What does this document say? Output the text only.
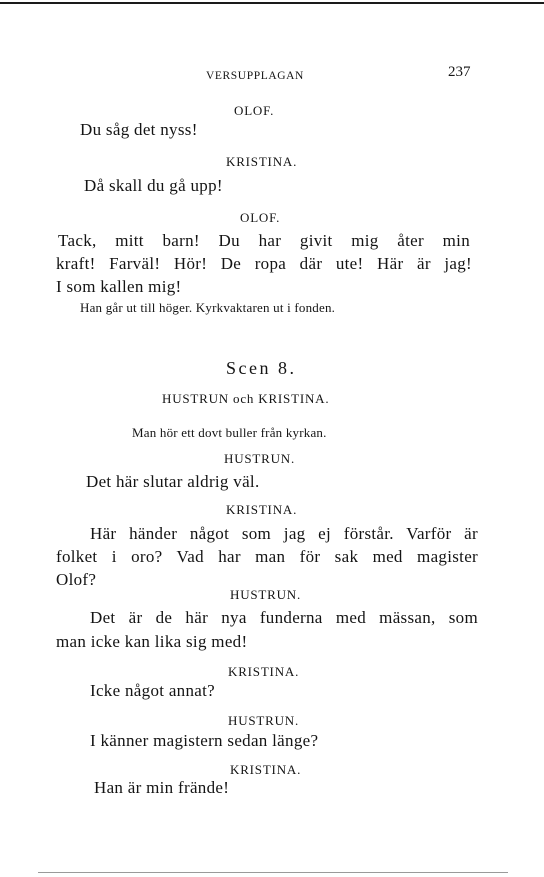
VERSUPPLAGAN	237
OLOF.
Du såg det nyss!
KRISTINA.
Då skall du gå upp!
OLOF.
Tack, mitt barn! Du har givit mig åter min
kraft! Farväl! Hör! De ropa där ute! Här är jag!
I som kallen mig!
Han går ut till höger. Kyrkvaktaren ut i fonden.
Scen 8.
HUSTRUN och KRISTINA.
Man hör ett dovt buller från kyrkan.
HUSTRUN.
Det här slutar aldrig väl.
KRISTINA.
Här händer något som jag ej förstår. Varför är
folket i oro? Vad har man för sak med magister
Olof?
HUSTRUN.
Det är de här nya funderna med mässan, som
man icke kan lika sig med!
KRISTINA.
Icke något annat?
HUSTRUN.
I känner magistern sedan länge?
KRISTINA.
Han är min frände!
